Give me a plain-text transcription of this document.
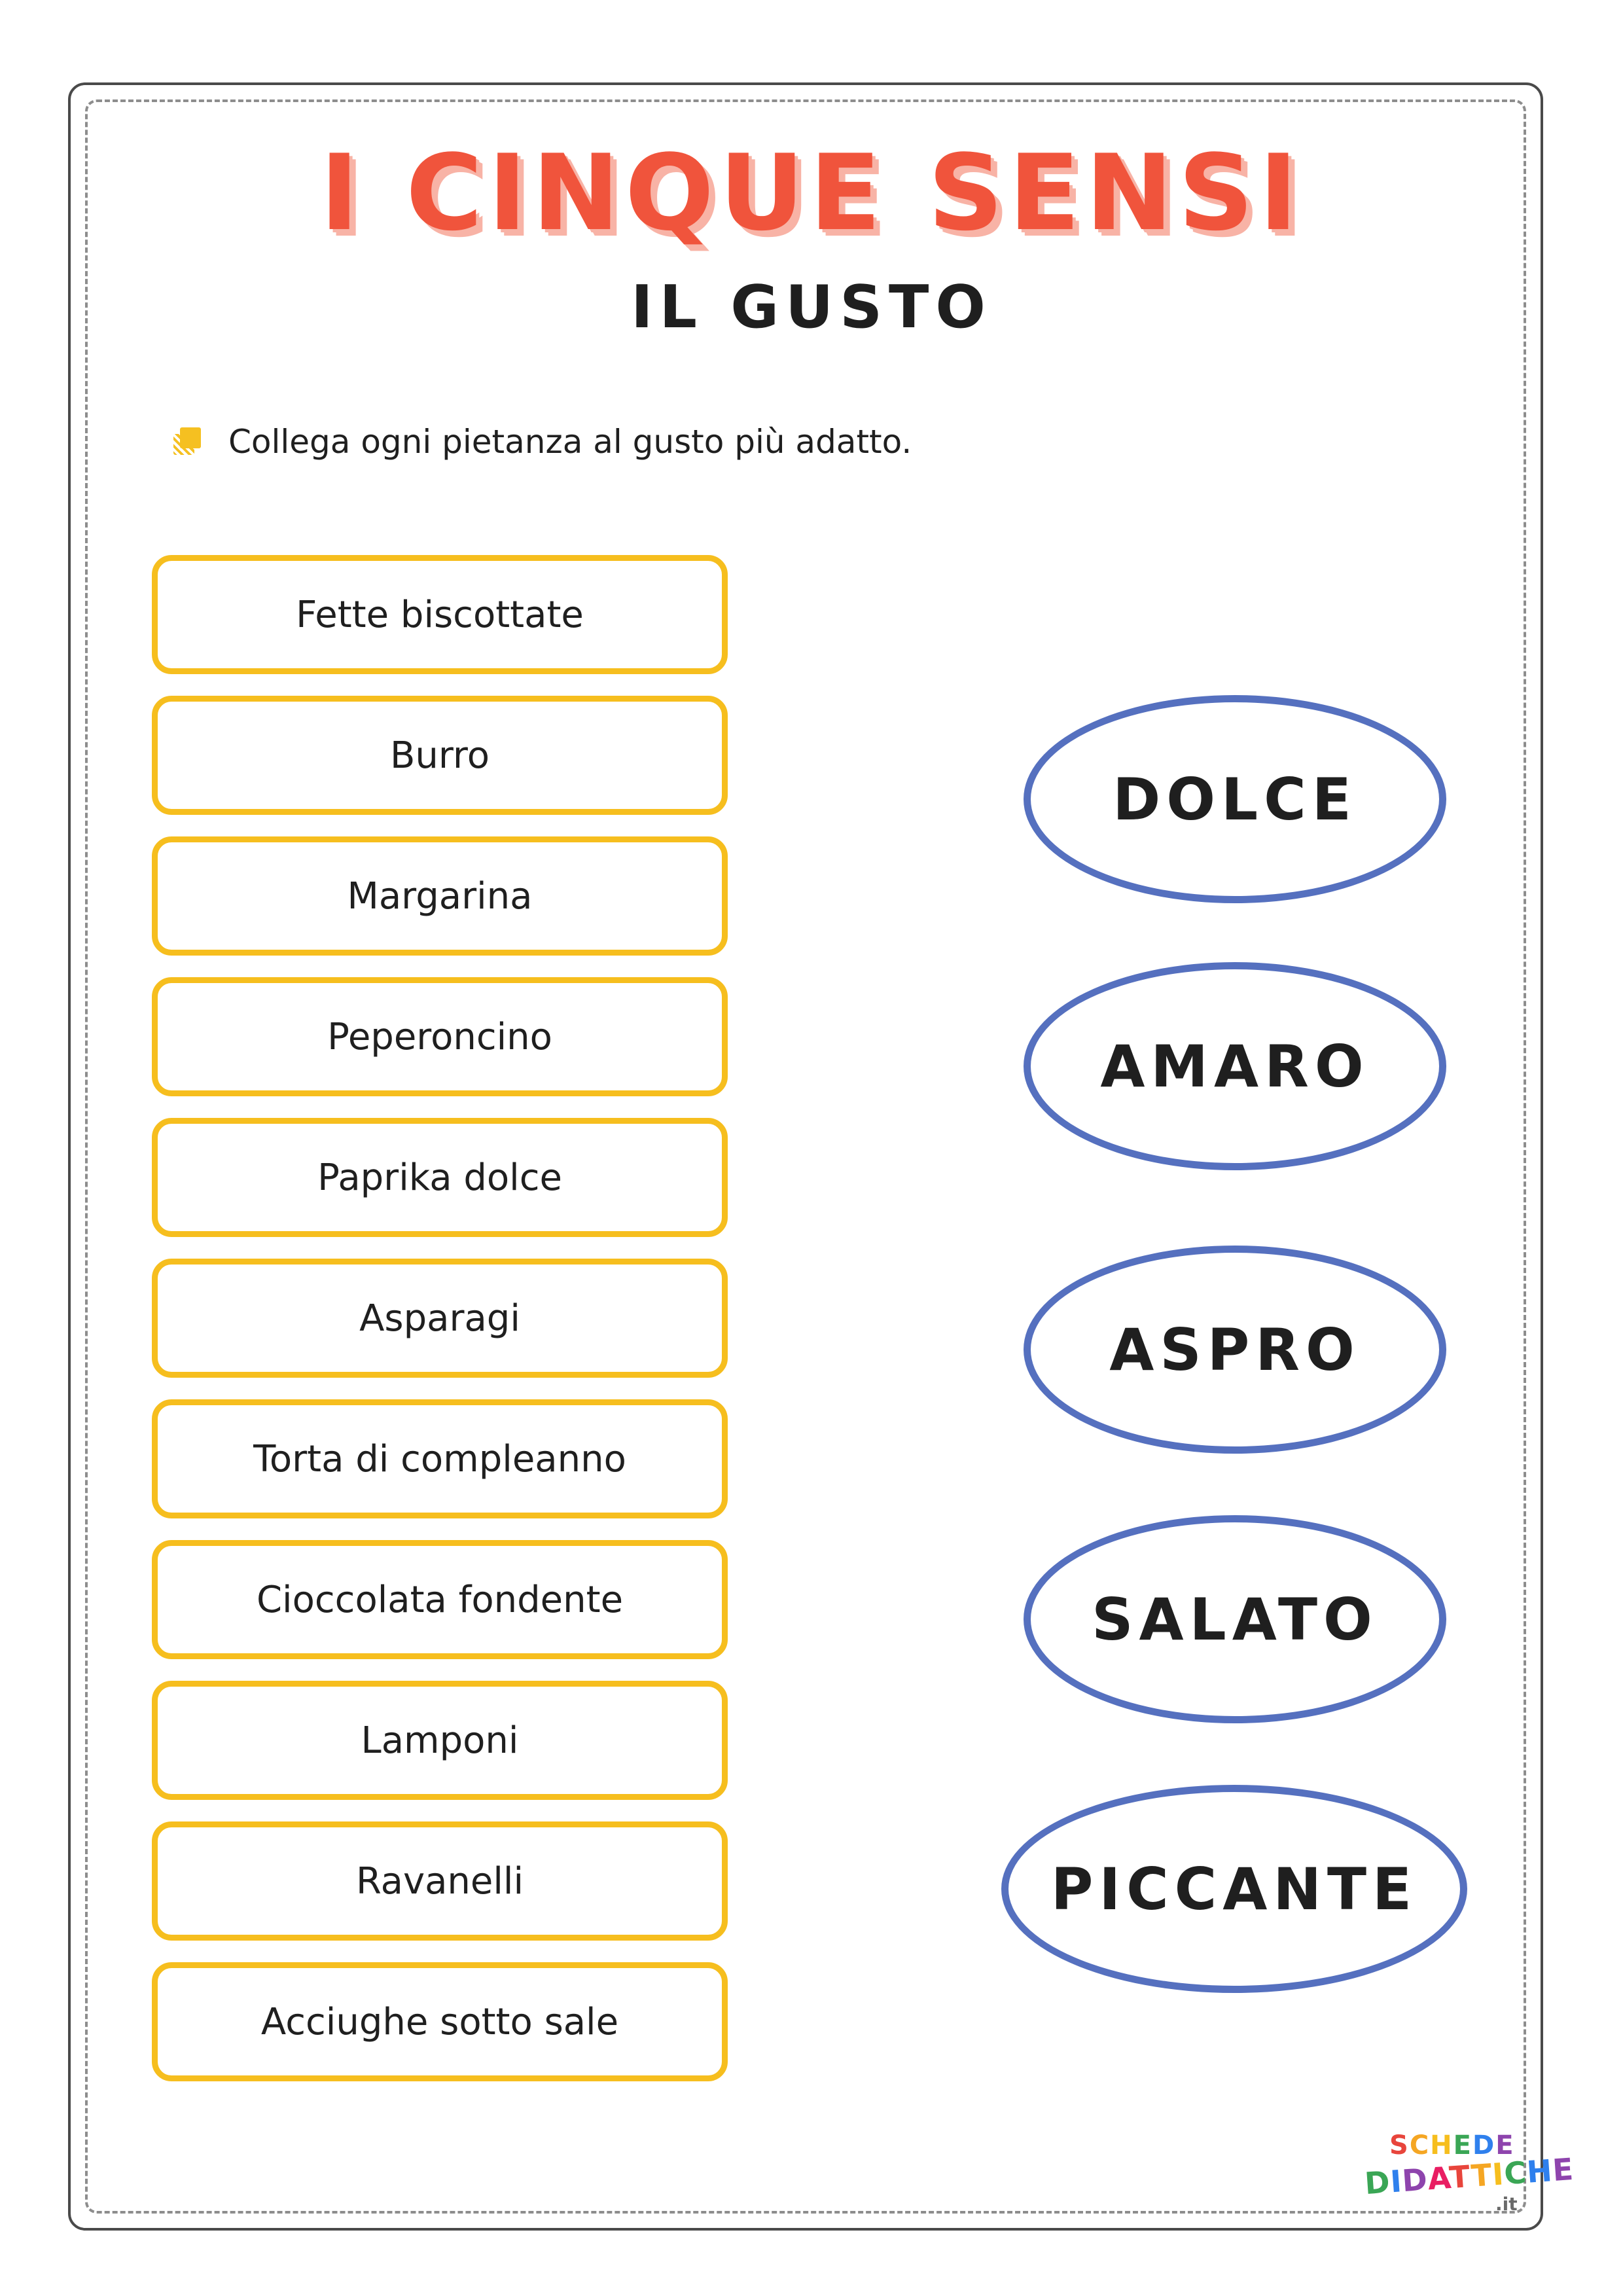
I CINQUE SENSI
IL GUSTO
Collega ogni pietanza al gusto più adatto.
Fette biscottate
Burro
Margarina
Peperoncino
Paprika dolce
Asparagi
Torta di compleanno
Cioccolata fondente
Lamponi
Ravanelli
Acciughe sotto sale
DOLCE
AMARO
ASPRO
SALATO
PICCANTE
SCHEDE
DIDATTICHE
.it
